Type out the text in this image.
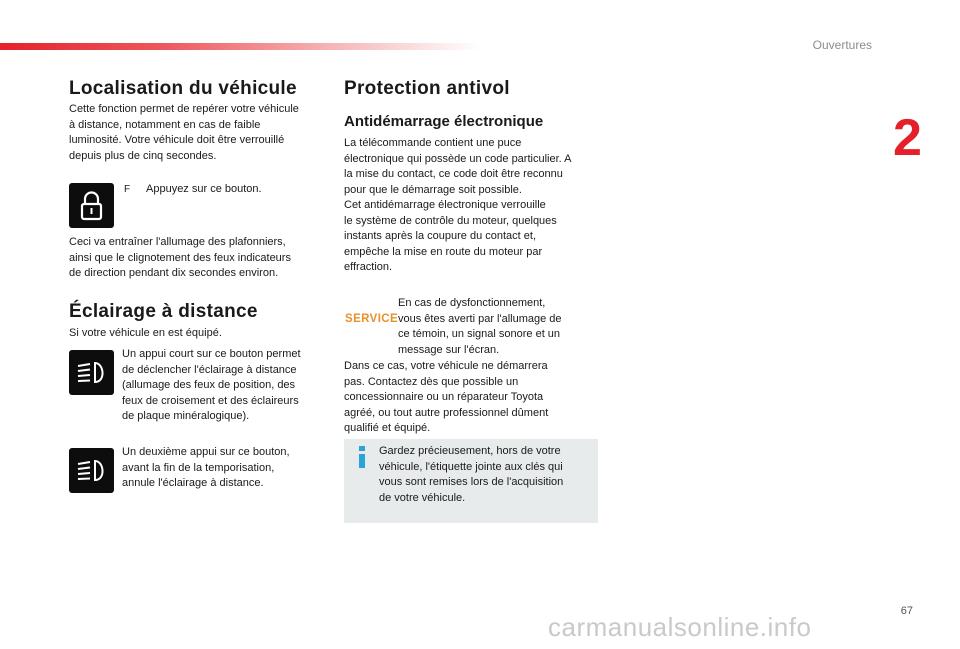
Ouvertures
2
Localisation du véhicule

Cette fonction permet de repérer votre véhicule
à distance, notamment en cas de faible
luminosité. Votre véhicule doit être verrouillé
depuis plus de cinq secondes.

F Appuyez sur ce bouton.

Ceci va entraîner l'allumage des plafonniers,
ainsi que le clignotement des feux indicateurs
de direction pendant dix secondes environ.

Éclairage à distance

Si votre véhicule en est équipé.

Un appui court sur ce bouton permet
de déclencher l'éclairage à distance
(allumage des feux de position, des
feux de croisement et des éclaireurs
de plaque minéralogique).

Un deuxième appui sur ce bouton,
avant la fin de la temporisation,
annule l'éclairage à distance.

Protection antivol
Antidémarrage électronique

La télécommande contient une puce
électronique qui possède un code particulier. A
la mise du contact, ce code doit être reconnu
pour que le démarrage soit possible.
Cet antidémarrage électronique verrouille
le système de contrôle du moteur, quelques
instants après la coupure du contact et,
empêche la mise en route du moteur par
effraction.

SERVICE

En cas de dysfonctionnement,
vous êtes averti par l'allumage de
ce témoin, un signal sonore et un
message sur l'écran.

Dans ce cas, votre véhicule ne démarrera
pas. Contactez dès que possible un
concessionnaire ou un réparateur Toyota
agréé, ou tout autre professionnel dûment
qualifié et équipé.

Gardez précieusement, hors de votre
véhicule, l'étiquette jointe aux clés qui
vous sont remises lors de l'acquisition
de votre véhicule.

67
carmanualsonline.info
